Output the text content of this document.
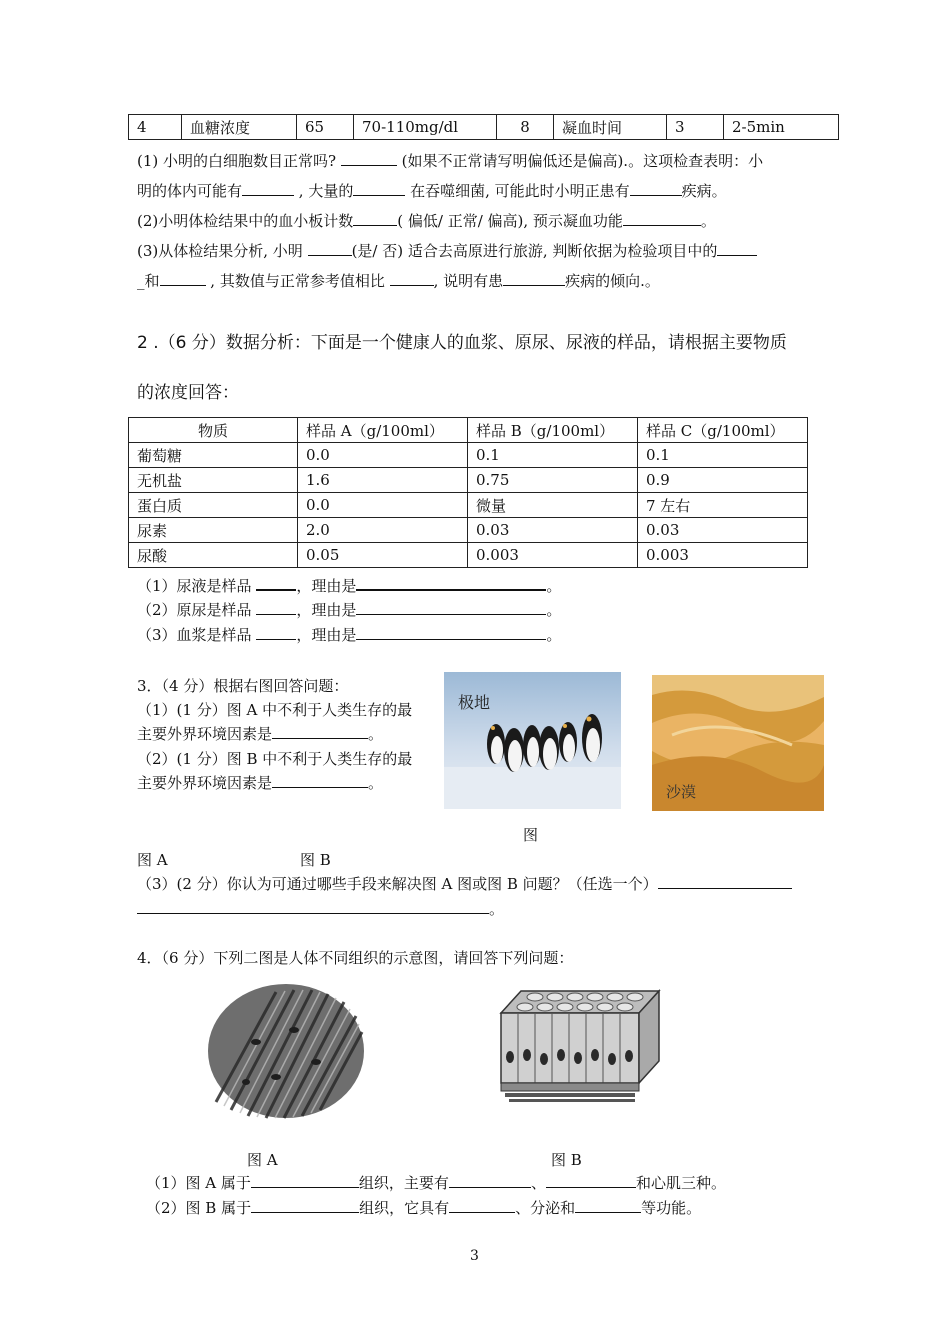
4	血糖浓度	65	70-110mg/dl	8	凝血时间	3	2-5min
(1) 小明的白细胞数目正常吗?	(如果不正常请写明偏低还是偏高).。这项检查表明：小
明的体内可能有	, 大量的	在吞噬细菌, 可能此时小明正患有	疾病。
(2)小明体检结果中的血小板计数	( 偏低/ 正常/ 偏高), 预示凝血功能	。
(3)从体检结果分析, 小明	(是/ 否) 适合去高原进行旅游, 判断依据为检验项目中的
_和	, 其数值与正常参考值相比	, 说明有患	疾病的倾向.。
2 .（6 分）数据分析：下面是一个健康人的血浆、原尿、尿液的样品，请根据主要物质
的浓度回答：
物质	样品 A（g/100ml）	样品 B（g/100ml）	样品 C（g/100ml）
葡萄糖	0.0	0.1	0.1
无机盐	1.6	0.75	0.9
蛋白质	0.0	微量	7 左右
尿素	2.0	0.03	0.03
尿酸	0.05	0.003	0.003
（1）尿液是样品	，理由是	。
（2）原尿是样品	，理由是	。
（3）血浆是样品	，理由是	。
3．（4 分）根据右图回答问题：
（1）(1 分）图 A 中不利于人类生存的最
主要外界环境因素是	。
（2）(1 分）图 B 中不利于人类生存的最
主要外界环境因素是	。
极地
沙漠
图
图 A	图 B
（3）(2 分）你认为可通过哪些手段来解决图 A 图或图 B 问题？（任选一个）
。
4．（6 分）下列二图是人体不同组织的示意图，请回答下列问题：
图 A	图 B
（1）图 A 属于	组织，主要有	、	和心肌三种。
（2）图 B 属于	组织，它具有	、分泌和	等功能。
3
